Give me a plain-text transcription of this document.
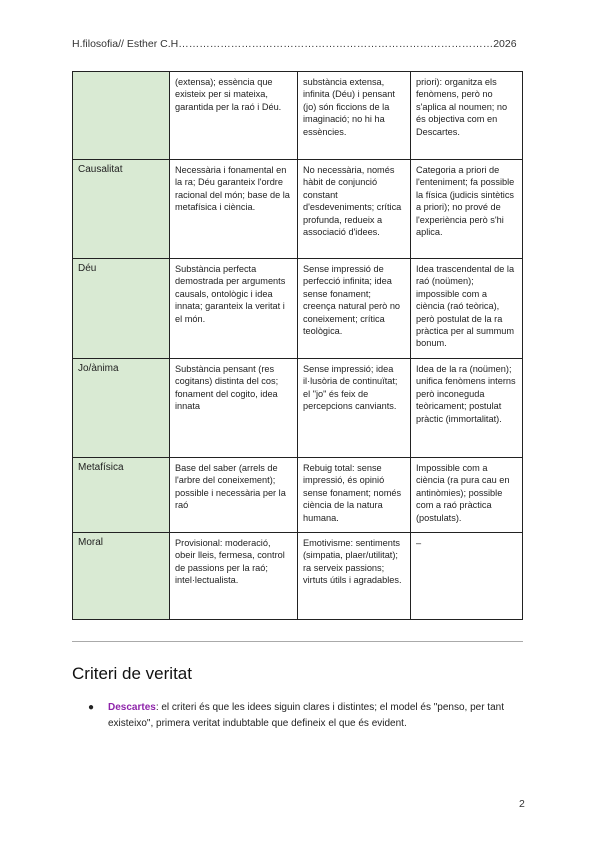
H.filosofia// Esther C.H………………………………………………………………………………2026
	(extensa); essència que existeix per si mateixa, garantida per la raó i Déu.	substància extensa, infinita (Déu) i pensant (jo) són ficcions de la imaginació; no hi ha essències.	priori): organitza els fenòmens, però no s'aplica al noumen; no és objectiva com en Descartes.
Causalitat	Necessària i fonamental en la ra; Déu garanteix l'ordre racional del món; base de la metafísica i ciència.	No necessària, només hàbit de conjunció constant d'esdeveniments; crítica profunda, redueix a associació d'idees.	Categoria a priori de l'enteniment; fa possible la física (judicis sintètics a priori); no prové de l'experiència però s'hi aplica.
Déu	Substància perfecta demostrada per arguments causals, ontològic i idea innata; garanteix la veritat i el món.	Sense impressió de perfecció infinita; idea sense fonament; creença natural però no coneixement; crítica teològica.	Idea trascendental de la raó (noümen); impossible com a ciència (raó teòrica), però postulat de la ra pràctica per al summum bonum.
Jo/ànima	Substància pensant (res cogitans) distinta del cos; fonament del cogito, idea innata	Sense impressió; idea il·lusòria de continuïtat; el "jo" és feix de percepcions canviants.	Idea de la ra (noümen); unifica fenòmens interns però inconeguda teòricament; postulat pràctic (immortalitat).
Metafísica	Base del saber (arrels de l'arbre del coneixement); possible i necessària per la raó	Rebuig total: sense impressió, és opinió sense fonament; només ciència de la natura humana.	Impossible com a ciència (ra pura cau en antinòmies); possible com a raó pràctica (postulats).
Moral	Provisional: moderació, obeir lleis, fermesa, control de passions per la raó; intel·lectualista.	Emotivisme: sentiments (simpatia, plaer/utilitat); ra serveix passions; virtuts útils i agradables.	–
Criteri de veritat
●	Descartes: el criteri és que les idees siguin clares i distintes; el model és "penso, per tant existeixo", primera veritat indubtable que defineix el que és evident.
2
